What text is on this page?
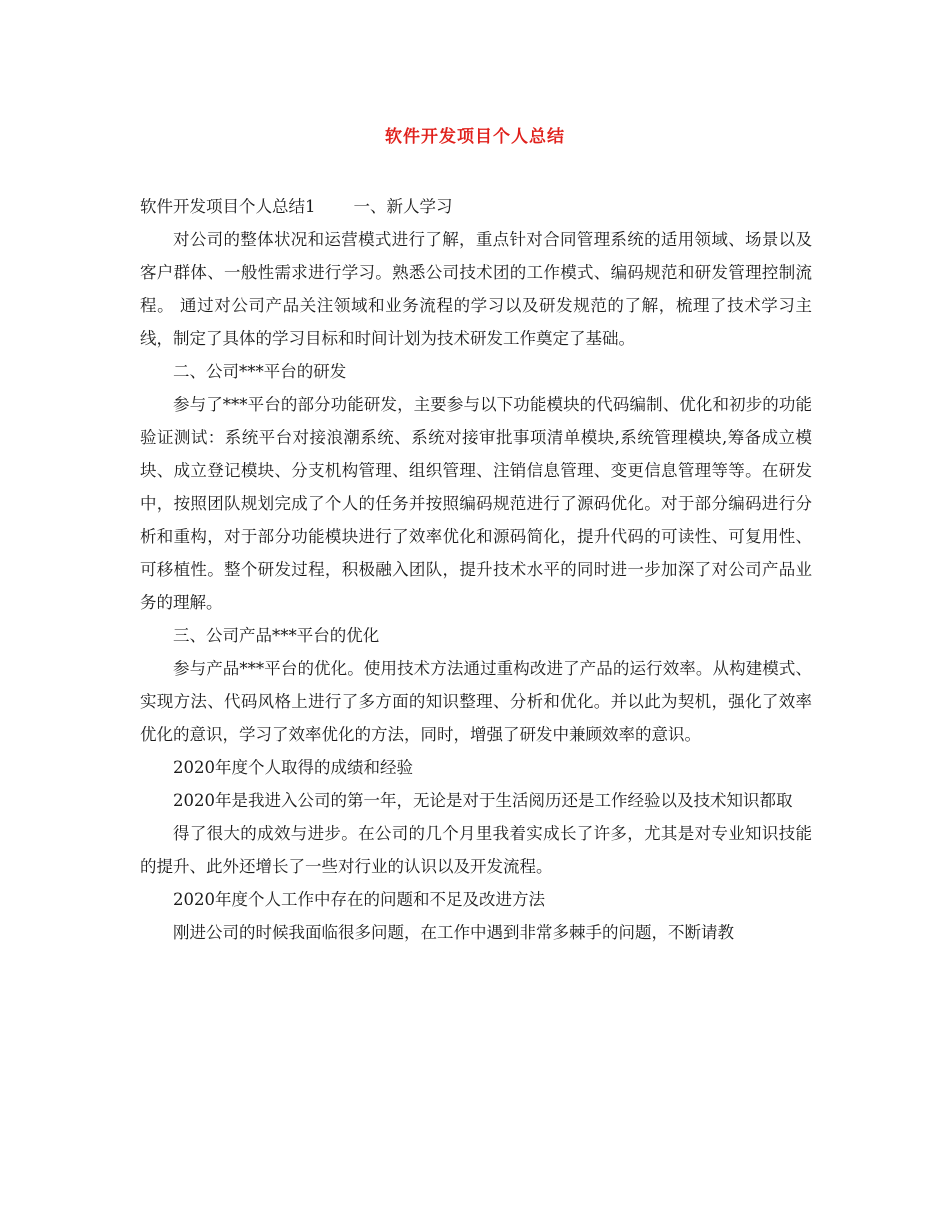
软件开发项目个人总结

软件开发项目个人总结1 一、新人学习

对公司的整体状况和运营模式进行了解，重点针对合同管理系统的适用领域、场景以及客户群体、一般性需求进行学习。熟悉公司技术团的工作模式、编码规范和研发管理控制流程。 通过对公司产品关注领域和业务流程的学习以及研发规范的了解，梳理了技术学习主线，制定了具体的学习目标和时间计划为技术研发工作奠定了基础。

二、公司***平台的研发

参与了***平台的部分功能研发，主要参与以下功能模块的代码编制、优化和初步的功能验证测试：系统平台对接浪潮系统、系统对接审批事项清单模块,系统管理模块,筹备成立模块、成立登记模块、分支机构管理、组织管理、注销信息管理、变更信息管理等等。在研发中，按照团队规划完成了个人的任务并按照编码规范进行了源码优化。对于部分编码进行分析和重构，对于部分功能模块进行了效率优化和源码简化，提升代码的可读性、可复用性、可移植性。整个研发过程，积极融入团队，提升技术水平的同时进一步加深了对公司产品业务的理解。

三、公司产品***平台的优化

参与产品***平台的优化。使用技术方法通过重构改进了产品的运行效率。从构建模式、实现方法、代码风格上进行了多方面的知识整理、分析和优化。并以此为契机，强化了效率优化的意识，学习了效率优化的方法，同时，增强了研发中兼顾效率的意识。

2020年度个人取得的成绩和经验

2020年是我进入公司的第一年，无论是对于生活阅历还是工作经验以及技术知识都取

得了很大的成效与进步。在公司的几个月里我着实成长了许多，尤其是对专业知识技能的提升、此外还增长了一些对行业的认识以及开发流程。

2020年度个人工作中存在的问题和不足及改进方法

刚进公司的时候我面临很多问题，在工作中遇到非常多棘手的问题，不断请教
